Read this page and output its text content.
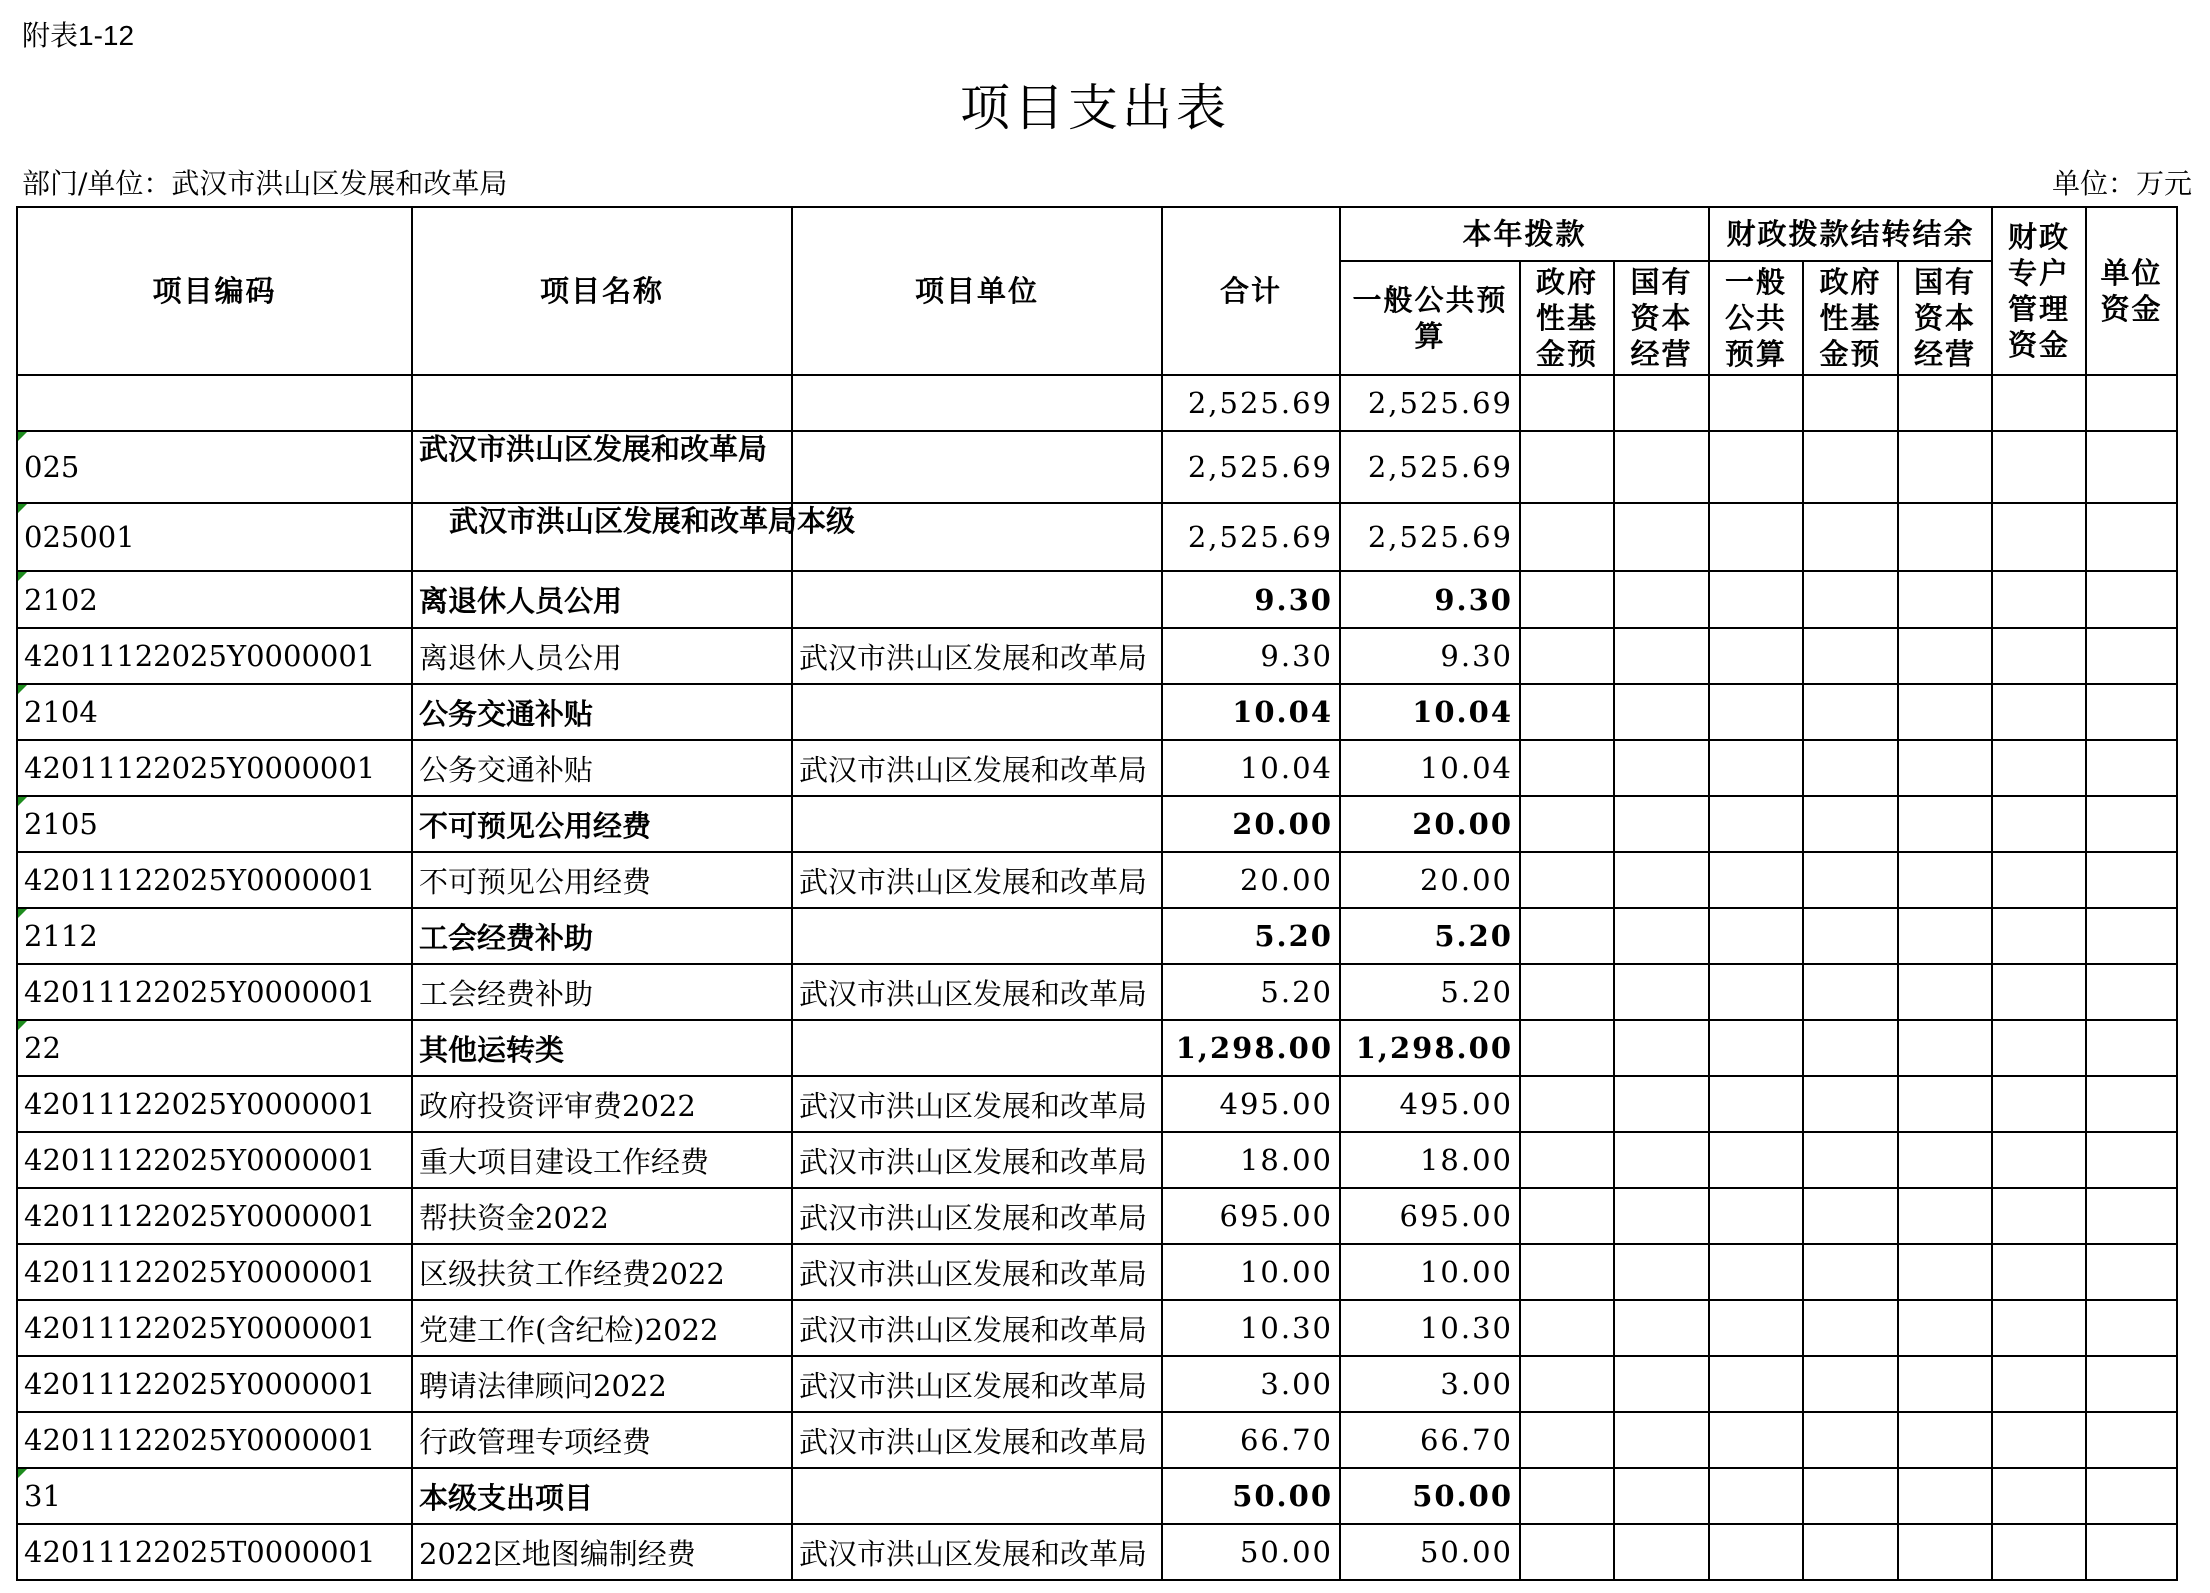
附表1-12
项目支出表
部门/单位：武汉市洪山区发展和改革局	单位：万元
项目编码	项目名称	项目单位	合计	本年拨款			财政拨款结转结余			财政专户管理资金	单位资金
				一般公共预算	政府性基金预	国有资本经营	一般公共预算	政府性基金预	国有资本经营		
			2,525.69	2,525.69							

025	武汉市洪山区发展和改革局		2,525.69	2,525.69							

025001	武汉市洪山区发展和改革局本级		2,525.69	2,525.69							

2102	离退休人员公用		9.30	9.30							
42011122025Y0000001	离退休人员公用	武汉市洪山区发展和改革局	9.30	9.30							

2104	公务交通补贴		10.04	10.04							
42011122025Y0000001	公务交通补贴	武汉市洪山区发展和改革局	10.04	10.04							

2105	不可预见公用经费		20.00	20.00							
42011122025Y0000001	不可预见公用经费	武汉市洪山区发展和改革局	20.00	20.00							

2112	工会经费补助		5.20	5.20							
42011122025Y0000001	工会经费补助	武汉市洪山区发展和改革局	5.20	5.20							

22	其他运转类		1,298.00	1,298.00							
42011122025Y0000001	政府投资评审费2022	武汉市洪山区发展和改革局	495.00	495.00							
42011122025Y0000001	重大项目建设工作经费	武汉市洪山区发展和改革局	18.00	18.00							
42011122025Y0000001	帮扶资金2022	武汉市洪山区发展和改革局	695.00	695.00							
42011122025Y0000001	区级扶贫工作经费2022	武汉市洪山区发展和改革局	10.00	10.00							
42011122025Y0000001	党建工作(含纪检)2022	武汉市洪山区发展和改革局	10.30	10.30							
42011122025Y0000001	聘请法律顾问2022	武汉市洪山区发展和改革局	3.00	3.00							
42011122025Y0000001	行政管理专项经费	武汉市洪山区发展和改革局	66.70	66.70							

31	本级支出项目		50.00	50.00							
42011122025T0000001	2022区地图编制经费	武汉市洪山区发展和改革局	50.00	50.00							
